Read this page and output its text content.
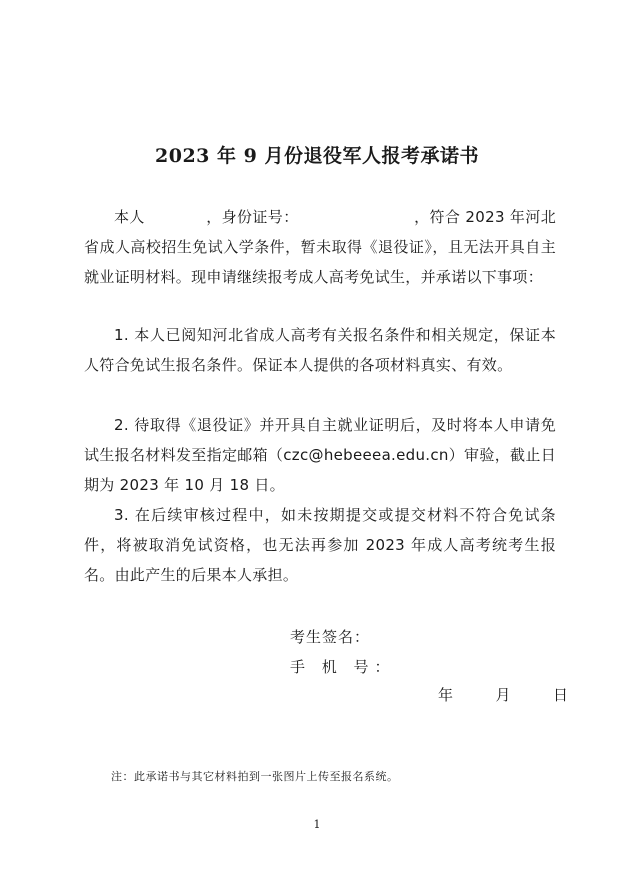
2023 年 9 月份退役军人报考承诺书

本人　　　　，身份证号：　　　　　　　　，符合 2023 年河北省成人高校招生免试入学条件，暂未取得《退役证》，且无法开具自主就业证明材料。现申请继续报考成人高考免试生，并承诺以下事项：

1. 本人已阅知河北省成人高考有关报名条件和相关规定，保证本人符合免试生报名条件。保证本人提供的各项材料真实、有效。

2. 待取得《退役证》并开具自主就业证明后，及时将本人申请免试生报名材料发至指定邮箱（czc@hebeeea.edu.cn）审验，截止日期为 2023 年 10 月 18 日。

3. 在后续审核过程中，如未按期提交或提交材料不符合免试条件，将被取消免试资格，也无法再参加 2023 年成人高考统考生报名。由此产生的后果本人承担。

考生签名：
手 机 号：
年	月	日
注：此承诺书与其它材料拍到一张图片上传至报名系统。
1
